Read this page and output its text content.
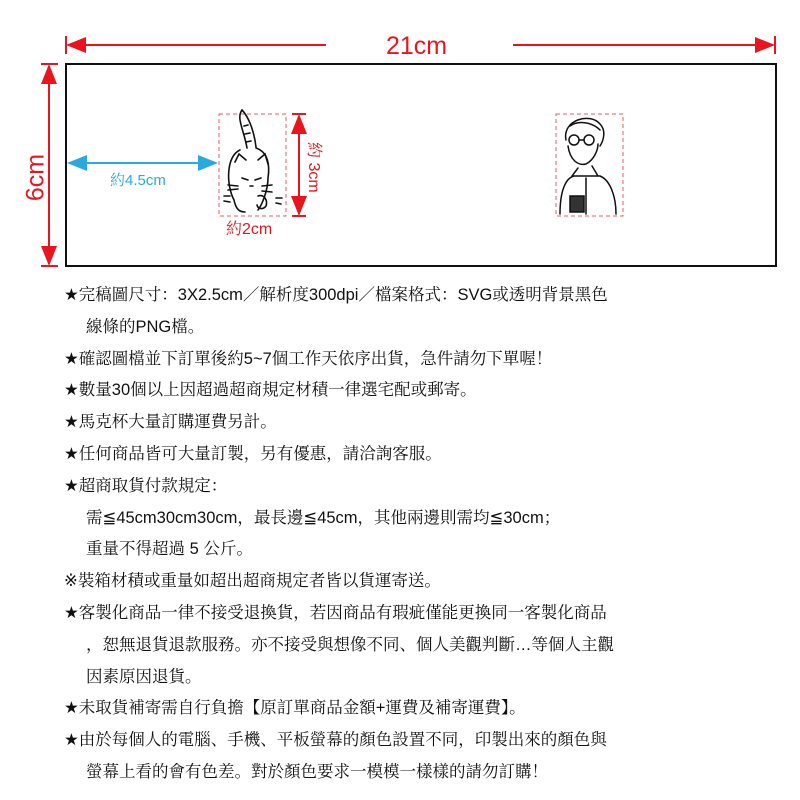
21cm
6cm	約4.5cm
約2cm
約 3cm
★完稿圖尺寸：3X2.5cm／解析度300dpi／檔案格式：SVG或透明背景黑色
線條的PNG檔。
★確認圖檔並下訂單後約5~7個工作天依序出貨，急件請勿下單喔！
★數量30個以上因超過超商規定材積一律選宅配或郵寄。
★馬克杯大量訂購運費另計。
★任何商品皆可大量訂製，另有優惠，請洽詢客服。
★超商取貨付款規定：
需≦45cm30cm30cm，最長邊≦45cm，其他兩邊則需均≦30cm；
重量不得超過 5 公斤。
※裝箱材積或重量如超出超商規定者皆以貨運寄送。
★客製化商品一律不接受退換貨，若因商品有瑕疵僅能更換同一客製化商品
，恕無退貨退款服務。亦不接受與想像不同、個人美觀判斷…等個人主觀
因素原因退貨。
★未取貨補寄需自行負擔【原訂單商品金額+運費及補寄運費】。
★由於每個人的電腦、手機、平板螢幕的顏色設置不同，印製出來的顏色與
螢幕上看的會有色差。對於顏色要求一模模一樣樣的請勿訂購！
